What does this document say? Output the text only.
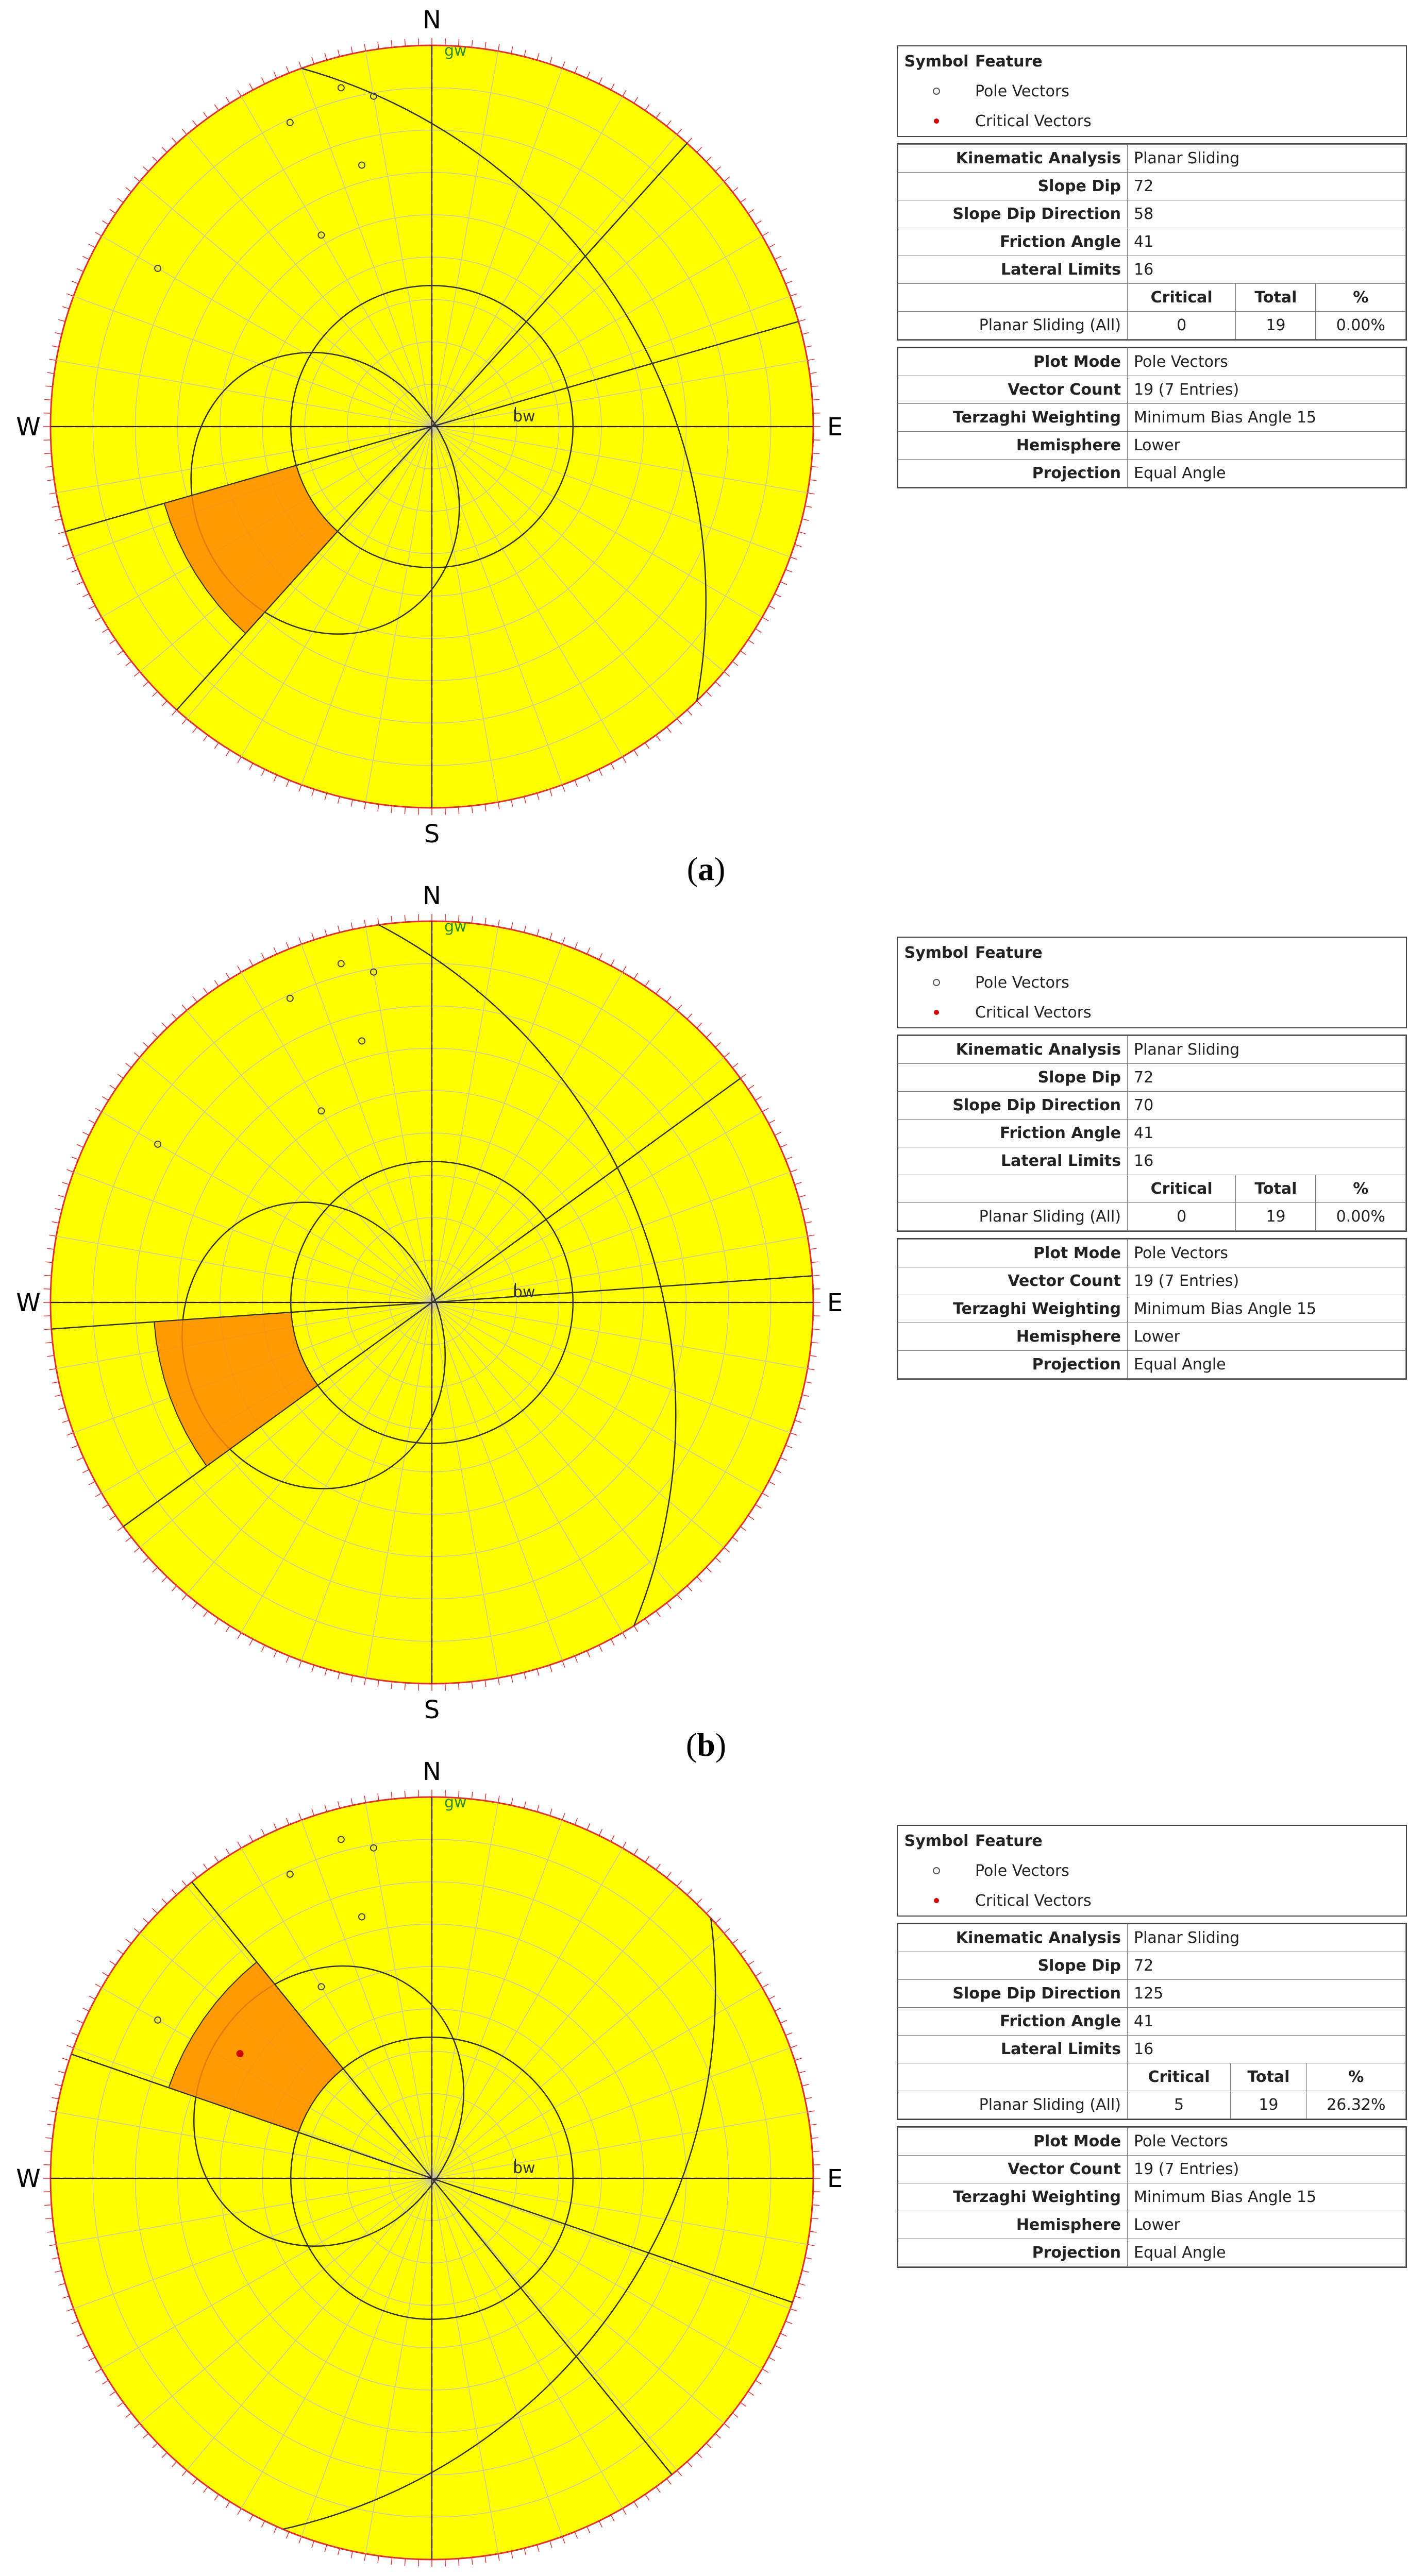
N
S
W	E
gw
bw
(a)
Symbol Feature
Pole Vectors
Critical Vectors
Kinematic Analysis	Planar Sliding		
Slope Dip	72		
Slope Dip Direction	58		
Friction Angle	41		
Lateral Limits	16		
	Critical	Total	%
Planar Sliding (All)	0	19	0.00%
Plot Mode	Pole Vectors
Vector Count	19 (7 Entries)
Terzaghi Weighting	Minimum Bias Angle 15
Hemisphere	Lower
Projection	Equal Angle
N
S
W	E
gw
bw
(b)
Symbol Feature
Pole Vectors
Critical Vectors
Kinematic Analysis	Planar Sliding		
Slope Dip	72		
Slope Dip Direction	70		
Friction Angle	41		
Lateral Limits	16		
	Critical	Total	%
Planar Sliding (All)	0	19	0.00%
Plot Mode	Pole Vectors
Vector Count	19 (7 Entries)
Terzaghi Weighting	Minimum Bias Angle 15
Hemisphere	Lower
Projection	Equal Angle
N
W	E
gw
bw
Symbol Feature
Pole Vectors
Critical Vectors
Kinematic Analysis	Planar Sliding		
Slope Dip	72		
Slope Dip Direction	125		
Friction Angle	41		
Lateral Limits	16		
	Critical	Total	%
Planar Sliding (All)	5	19	26.32%
Plot Mode	Pole Vectors
Vector Count	19 (7 Entries)
Terzaghi Weighting	Minimum Bias Angle 15
Hemisphere	Lower
Projection	Equal Angle
